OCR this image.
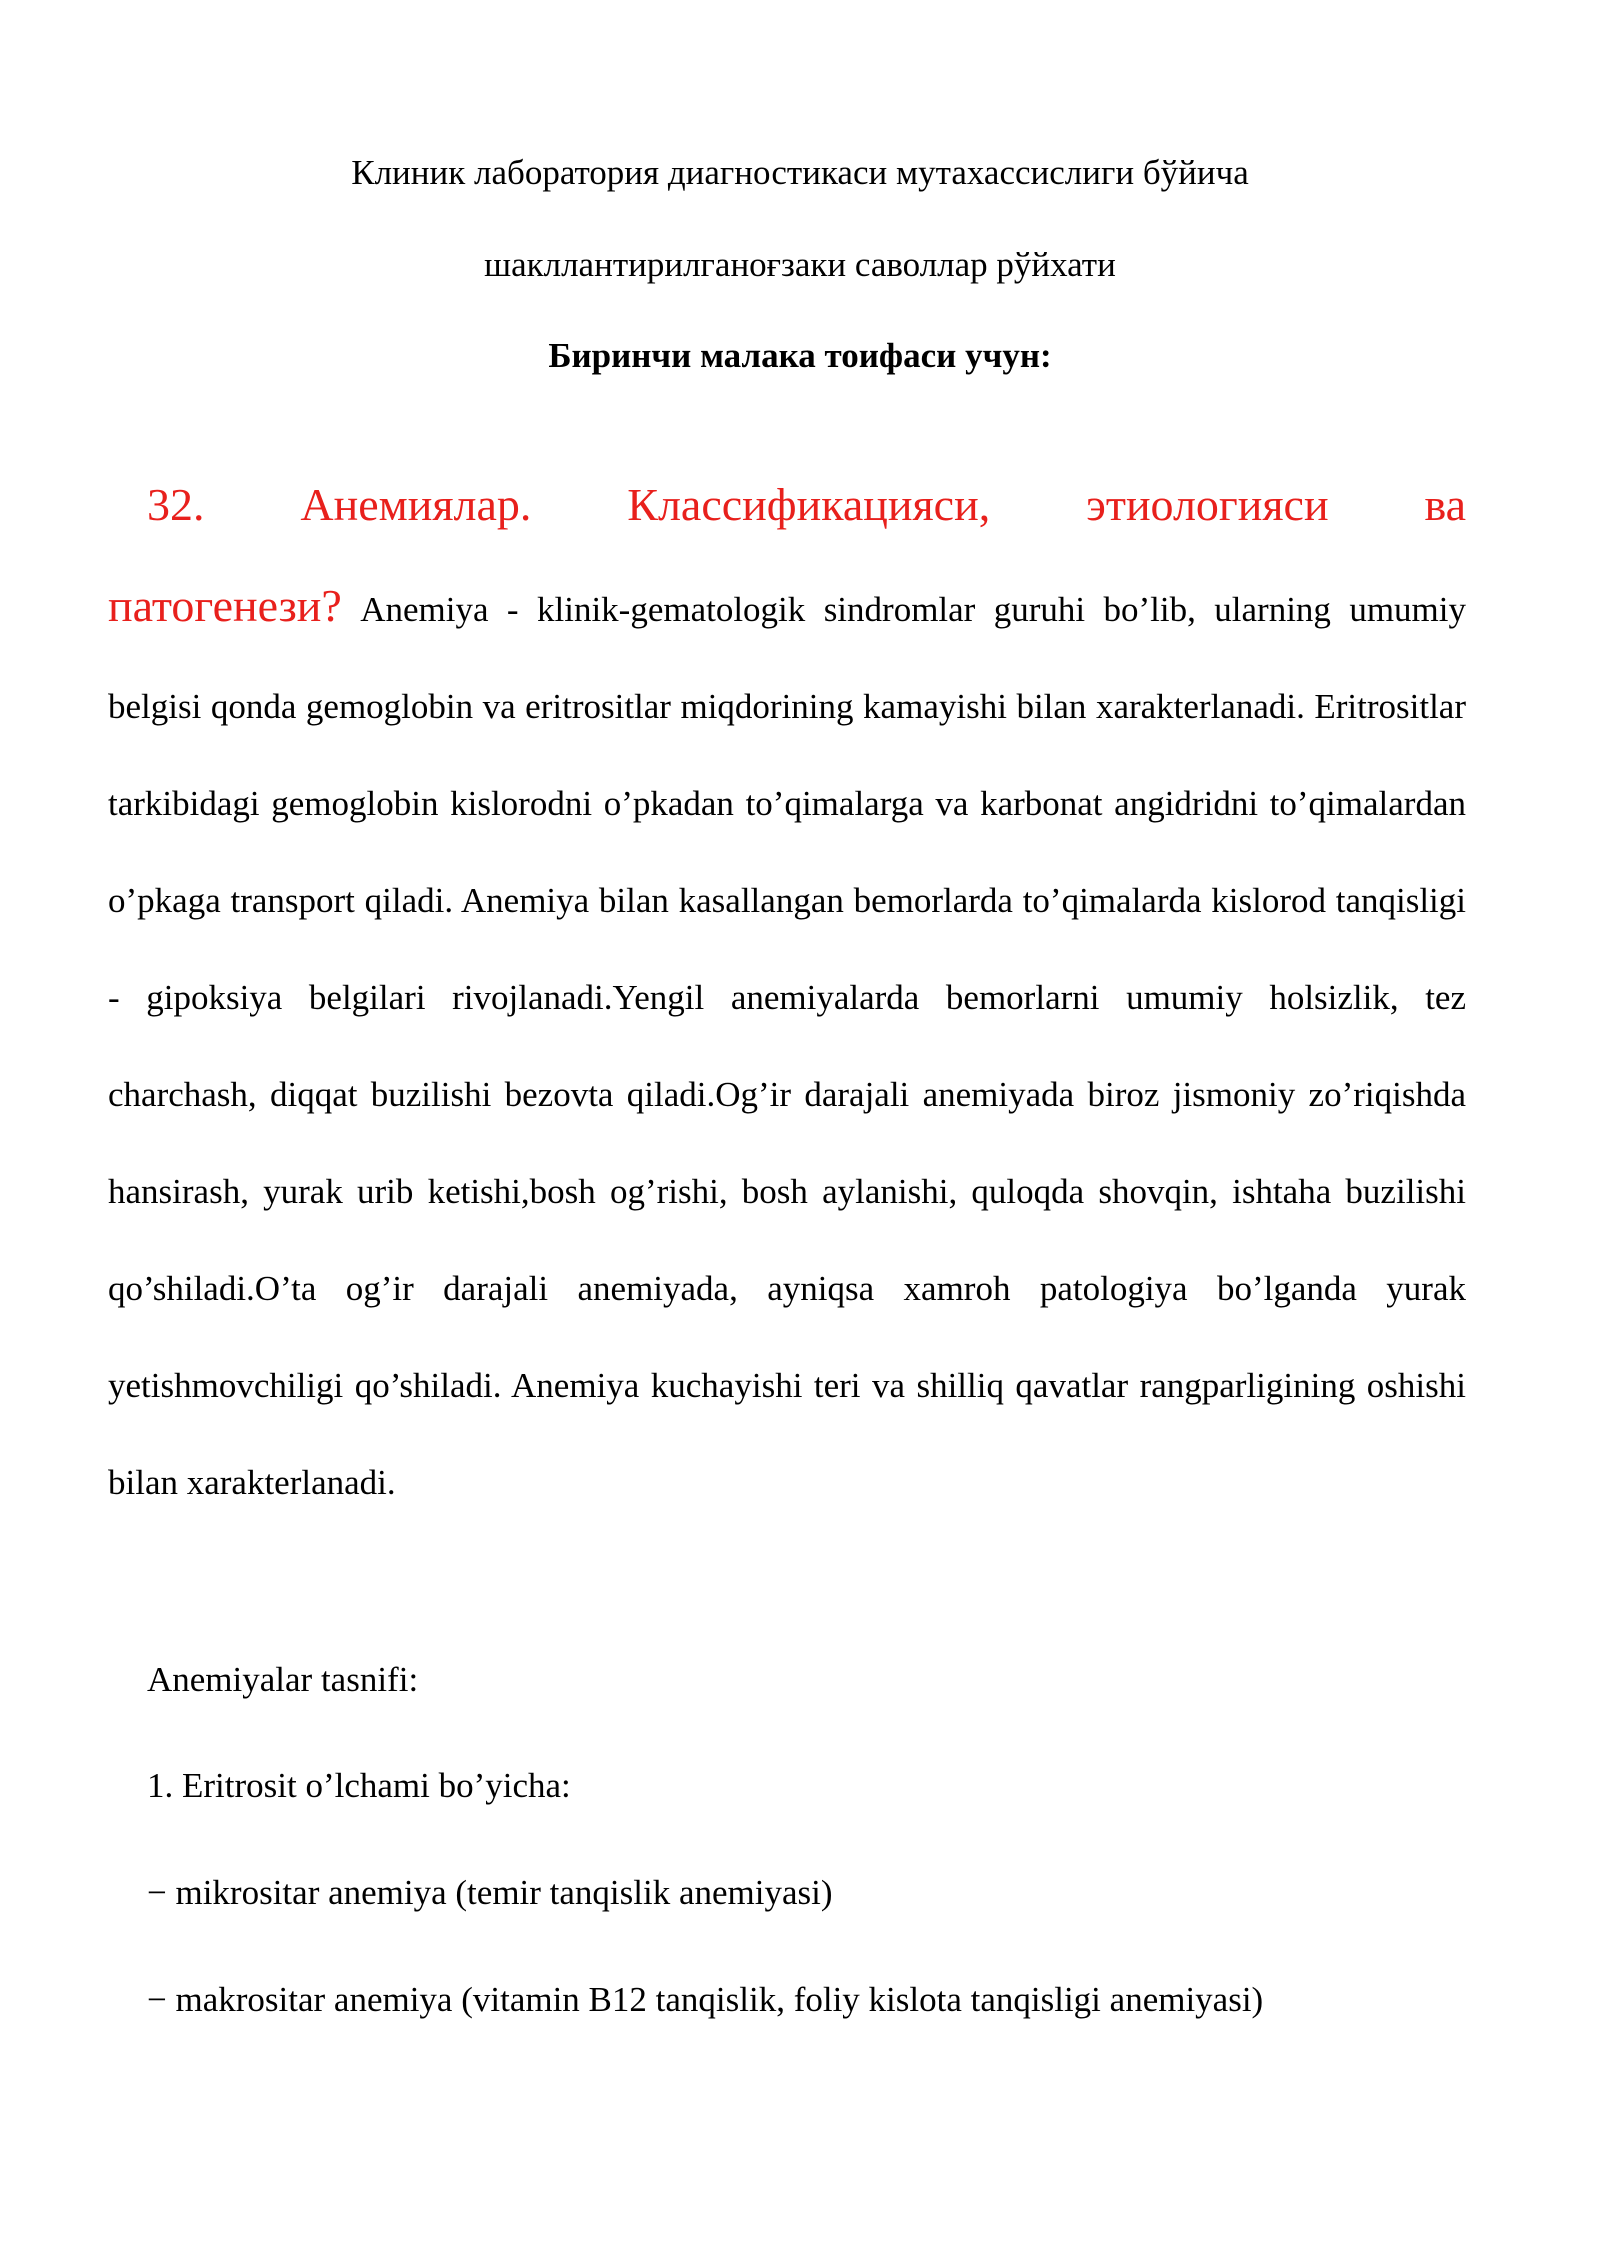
Клиник лаборатория диагностикаси мутахассислиги бўйича
шакллантирилганоғзаки саволлар рўйхати
Биринчи малака тоифаси учун:

32. Анемиялар. Классификацияси, этиологияси ва патогенези? Anemiya - klinik-gematologik sindromlar guruhi bo’lib, ularning umumiy belgisi qonda gemoglobin va eritrositlar miqdorining kamayishi bilan xarakterlanadi. Eritrositlar tarkibidagi gemoglobin kislorodni o’pkadan to’qimalarga va karbonat angidridni to’qimalardan o’pkaga transport qiladi. Anemiya bilan kasallangan bemorlarda to’qimalarda kislorod tanqisligi - gipoksiya belgilari rivojlanadi.Yengil anemiyalarda bemorlarni umumiy holsizlik, tez charchash, diqqat buzilishi bezovta qiladi.Og’ir darajali anemiyada biroz jismoniy zo’riqishda hansirash, yurak urib ketishi,bosh og’rishi, bosh aylanishi, quloqda shovqin, ishtaha buzilishi qo’shiladi.O’ta og’ir darajali anemiyada, ayniqsa xamroh patologiya bo’lganda yurak yetishmovchiligi qo’shiladi. Anemiya kuchayishi teri va shilliq qavatlar rangparligining oshishi bilan xarakterlanadi.

Anemiyalar tasnifi:
1. Eritrosit o’lchami bo’yicha:
− mikrositar anemiya (temir tanqislik anemiyasi)
− makrositar anemiya (vitamin B12 tanqislik, foliy kislota tanqisligi anemiyasi)
